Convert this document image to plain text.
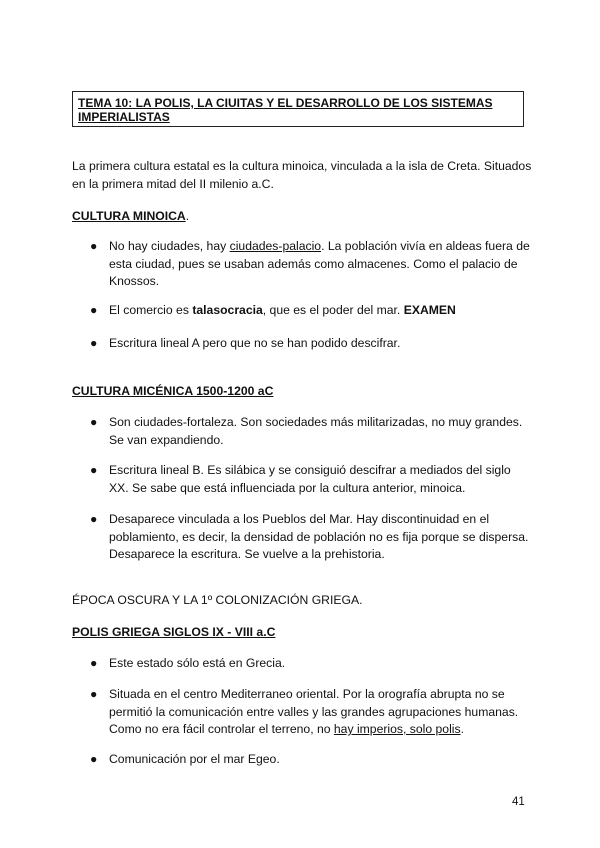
TEMA 10: LA POLIS, LA CIUITAS Y EL DESARROLLO DE LOS SISTEMAS IMPERIALISTAS

La primera cultura estatal es la cultura minoica, vinculada a la isla de Creta. Situados en la primera mitad del II milenio a.C.

CULTURA MINOICA.

● No hay ciudades, hay ciudades-palacio. La población vivía en aldeas fuera de esta ciudad, pues se usaban además como almacenes. Como el palacio de Knossos.
● El comercio es talasocracia, que es el poder del mar. EXAMEN
● Escritura lineal A pero que no se han podido descifrar.

CULTURA MICÉNICA 1500-1200 aC

● Son ciudades-fortaleza. Son sociedades más militarizadas, no muy grandes. Se van expandiendo.
● Escritura lineal B. Es silábica y se consiguió descifrar a mediados del siglo XX. Se sabe que está influenciada por la cultura anterior, minoica.
● Desaparece vinculada a los Pueblos del Mar. Hay discontinuidad en el poblamiento, es decir, la densidad de población no es fija porque se dispersa. Desaparece la escritura. Se vuelve a la prehistoria.

ÉPOCA OSCURA Y LA 1º COLONIZACIÓN GRIEGA.

POLIS GRIEGA SIGLOS IX - VIII a.C

● Este estado sólo está en Grecia.
● Situada en el centro Mediterraneo oriental. Por la orografía abrupta no se permitió la comunicación entre valles y las grandes agrupaciones humanas. Como no era fácil controlar el terreno, no hay imperios, solo polis.
● Comunicación por el mar Egeo.
41
